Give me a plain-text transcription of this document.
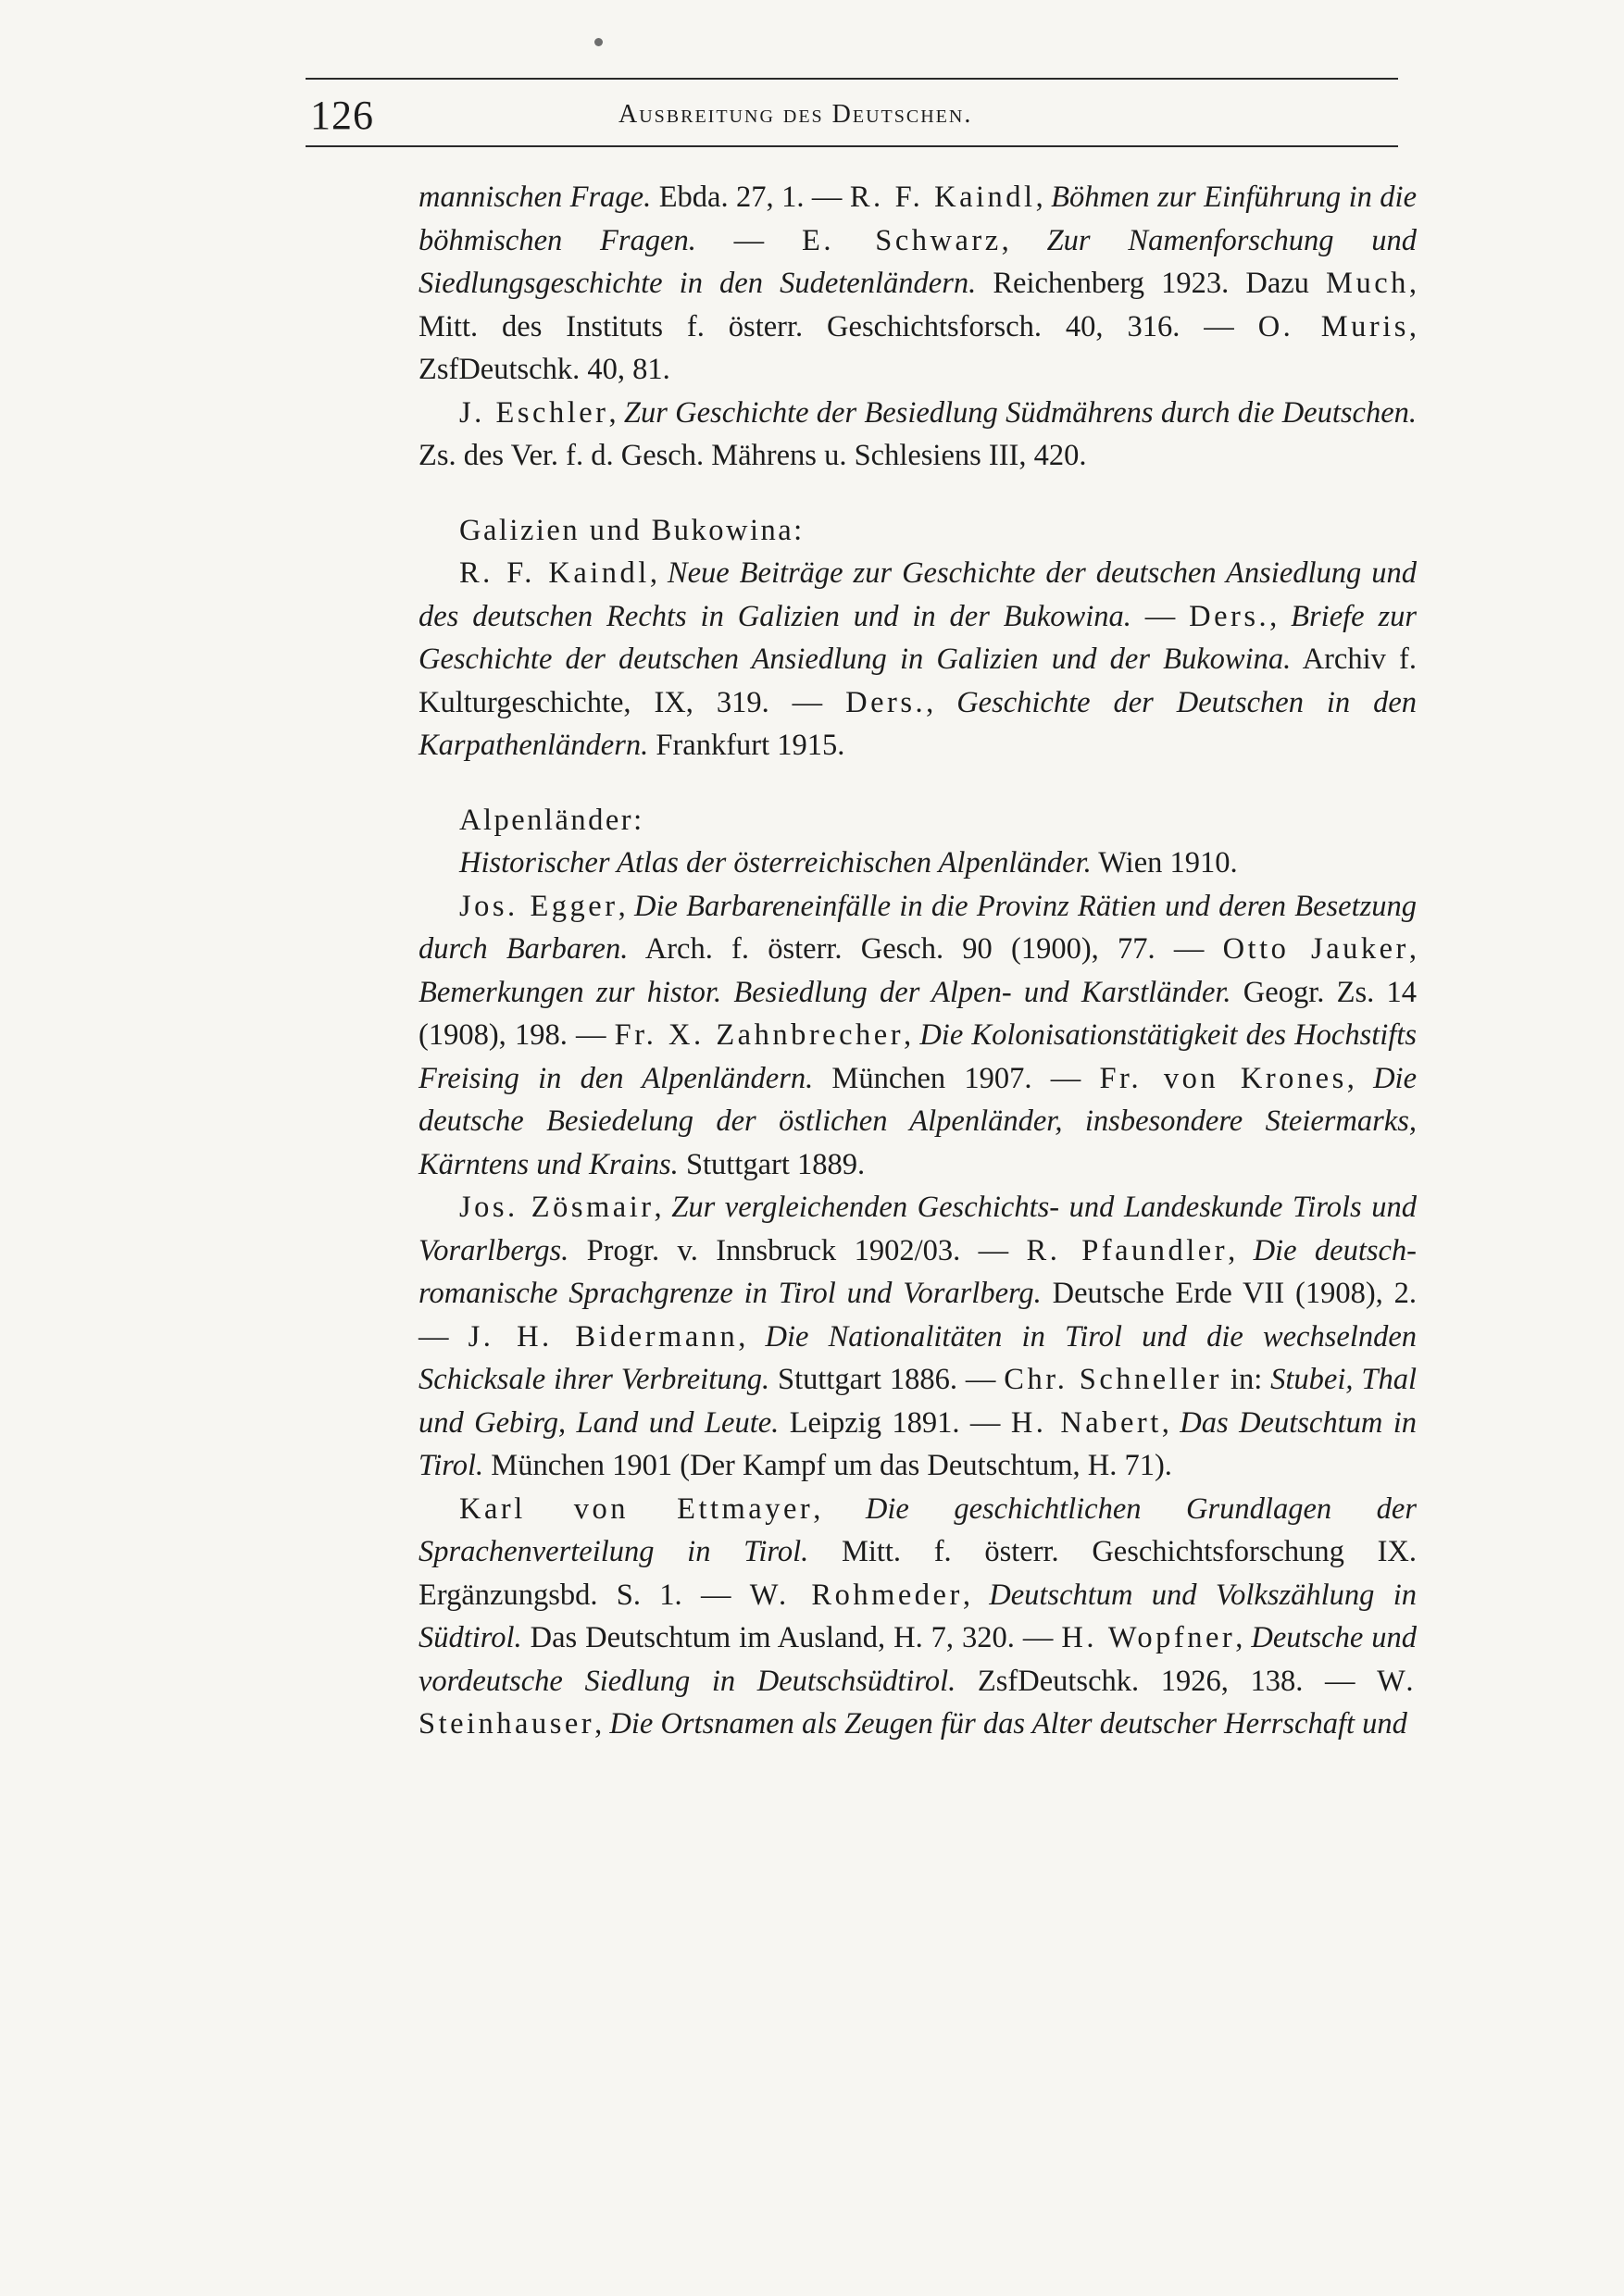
126	Ausbreitung des Deutschen.

mannischen Frage. Ebda. 27, 1. — R. F. Kaindl, Böhmen zur Einführung in die böhmischen Fragen. — E. Schwarz, Zur Namenforschung und Siedlungsgeschichte in den Sudetenländern. Reichenberg 1923. Dazu Much, Mitt. des Instituts f. österr. Geschichtsforsch. 40, 316. — O. Muris, ZsfDeutschk. 40, 81.

J. Eschler, Zur Geschichte der Besiedlung Südmährens durch die Deutschen. Zs. des Ver. f. d. Gesch. Mährens u. Schlesiens III, 420.

Galizien und Bukowina:

R. F. Kaindl, Neue Beiträge zur Geschichte der deutschen Ansiedlung und des deutschen Rechts in Galizien und in der Bukowina. — Ders., Briefe zur Geschichte der deutschen Ansiedlung in Galizien und der Bukowina. Archiv f. Kulturgeschichte, IX, 319. — Ders., Geschichte der Deutschen in den Karpathenländern. Frankfurt 1915.

Alpenländer:

Historischer Atlas der österreichischen Alpenländer. Wien 1910.

Jos. Egger, Die Barbareneinfälle in die Provinz Rätien und deren Besetzung durch Barbaren. Arch. f. österr. Gesch. 90 (1900), 77. — Otto Jauker, Bemerkungen zur histor. Besiedlung der Alpen- und Karstländer. Geogr. Zs. 14 (1908), 198. — Fr. X. Zahnbrecher, Die Kolonisationstätigkeit des Hochstifts Freising in den Alpenländern. München 1907. — Fr. von Krones, Die deutsche Besiedelung der östlichen Alpenländer, insbesondere Steiermarks, Kärntens und Krains. Stuttgart 1889.

Jos. Zösmair, Zur vergleichenden Geschichts- und Landeskunde Tirols und Vorarlbergs. Progr. v. Innsbruck 1902/03. — R. Pfaundler, Die deutsch-romanische Sprachgrenze in Tirol und Vorarlberg. Deutsche Erde VII (1908), 2. — J. H. Bidermann, Die Nationalitäten in Tirol und die wechselnden Schicksale ihrer Verbreitung. Stuttgart 1886. — Chr. Schneller in: Stubei, Thal und Gebirg, Land und Leute. Leipzig 1891. — H. Nabert, Das Deutschtum in Tirol. München 1901 (Der Kampf um das Deutschtum, H. 71).

Karl von Ettmayer, Die geschichtlichen Grundlagen der Sprachenverteilung in Tirol. Mitt. f. österr. Geschichtsforschung IX. Ergänzungsbd. S. 1. — W. Rohmeder, Deutschtum und Volkszählung in Südtirol. Das Deutschtum im Ausland, H. 7, 320. — H. Wopfner, Deutsche und vordeutsche Siedlung in Deutschsüdtirol. ZsfDeutschk. 1926, 138. — W. Steinhauser, Die Ortsnamen als Zeugen für das Alter deutscher Herrschaft und
